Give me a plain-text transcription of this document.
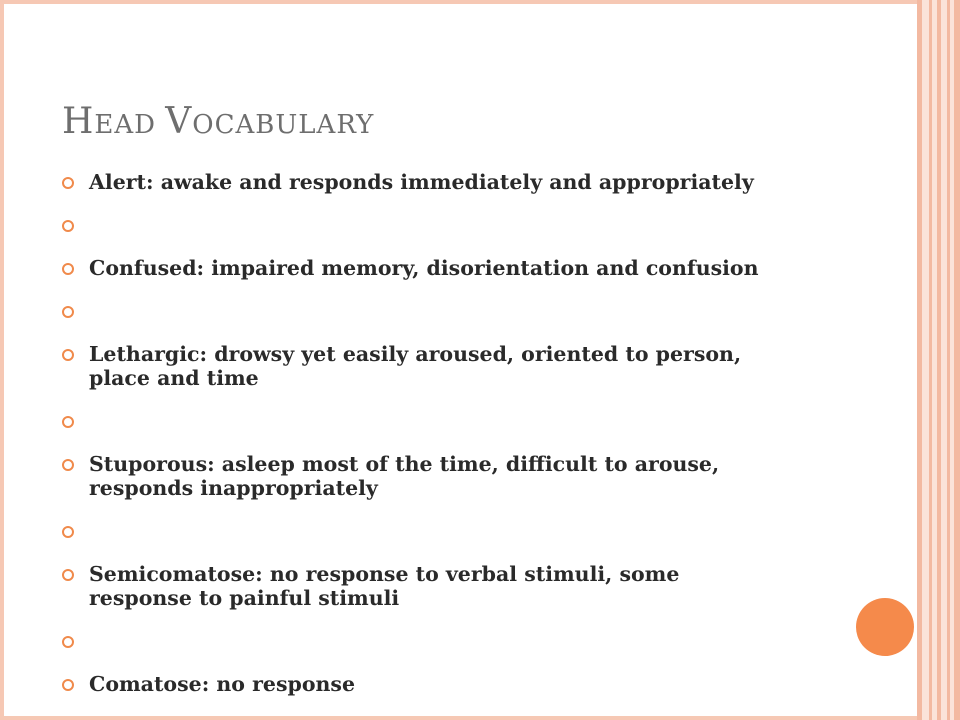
HEAD VOCABULARY
Alert: awake and responds immediately and appropriately
Confused: impaired memory, disorientation and confusion
Lethargic: drowsy yet easily aroused, oriented to person, place and time
Stuporous: asleep most of the time, difficult to arouse, responds inappropriately
Semicomatose: no response to verbal stimuli, some response to painful stimuli
Comatose: no response
